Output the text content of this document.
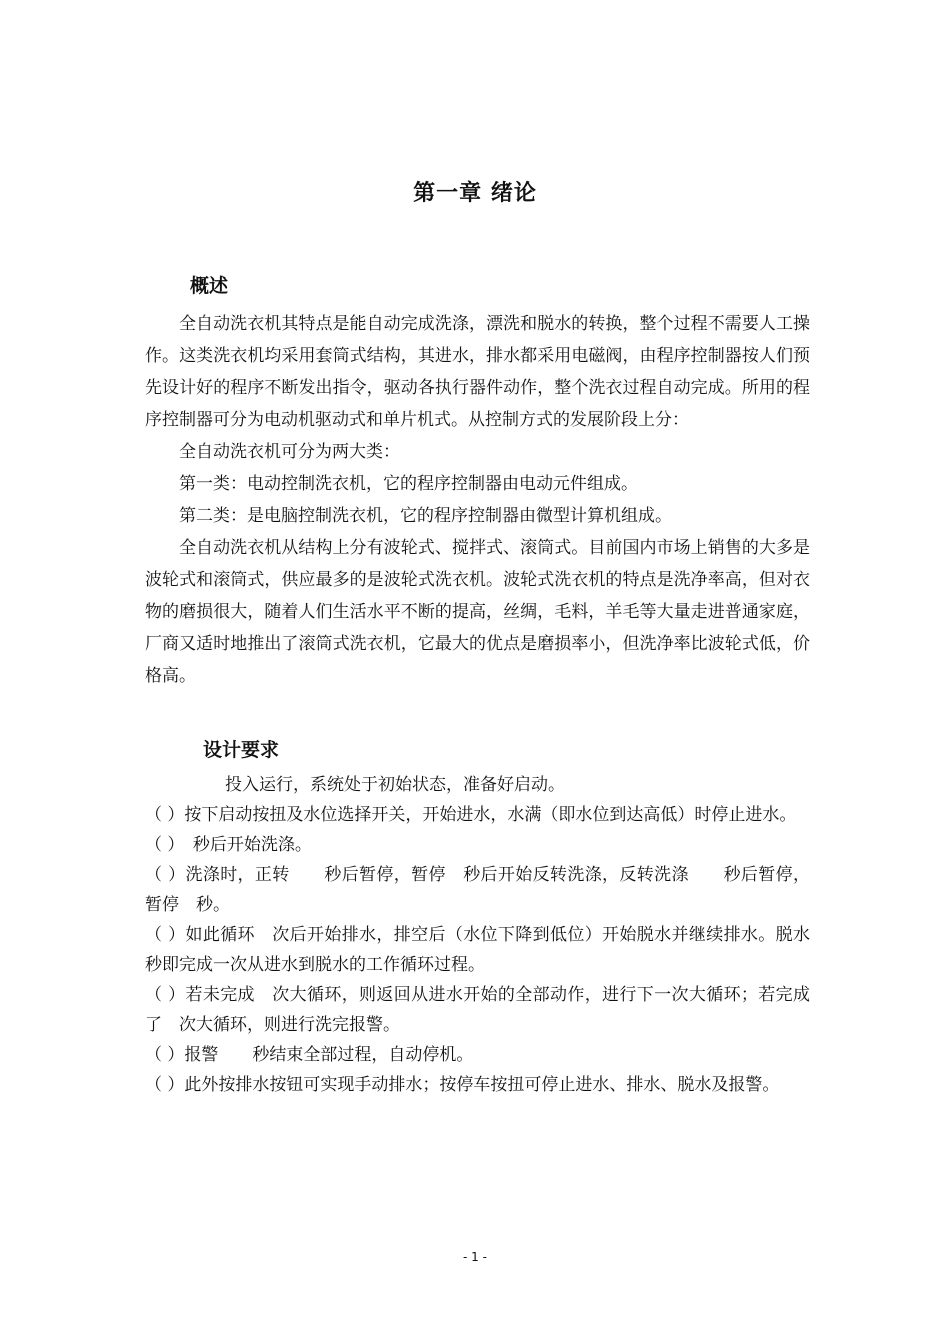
第一章 绪论
概述

全自动洗衣机其特点是能自动完成洗涤，漂洗和脱水的转换，整个过程不需要人工操作。这类洗衣机均采用套筒式结构，其进水，排水都采用电磁阀，由程序控制器按人们预先设计好的程序不断发出指令，驱动各执行器件动作，整个洗衣过程自动完成。所用的程序控制器可分为电动机驱动式和单片机式。从控制方式的发展阶段上分：

全自动洗衣机可分为两大类：

第一类：电动控制洗衣机，它的程序控制器由电动元件组成。

第二类：是电脑控制洗衣机，它的程序控制器由微型计算机组成。

全自动洗衣机从结构上分有波轮式、搅拌式、滚筒式。目前国内市场上销售的大多是波轮式和滚筒式，供应最多的是波轮式洗衣机。波轮式洗衣机的特点是洗净率高，但对衣物的磨损很大，随着人们生活水平不断的提高，丝绸，毛料，羊毛等大量走进普通家庭，厂商又适时地推出了滚筒式洗衣机，它最大的优点是磨损率小，但洗净率比波轮式低，价格高。

设计要求

投入运行，系统处于初始状态，准备好启动。

（ ）按下启动按扭及水位选择开关，开始进水，水满（即水位到达高低）时停止进水。

（ ）　秒后开始洗涤。

（ ）洗涤时，正转　　秒后暂停，暂停　秒后开始反转洗涤，反转洗涤　　秒后暂停，暂停　秒。

（ ）如此循环　次后开始排水，排空后（水位下降到低位）开始脱水并继续排水。脱水　　秒即完成一次从进水到脱水的工作循环过程。

（ ）若未完成　次大循环，则返回从进水开始的全部动作，进行下一次大循环；若完成了　次大循环，则进行洗完报警。

（ ）报警　　秒结束全部过程，自动停机。

（ ）此外按排水按钮可实现手动排水；按停车按扭可停止进水、排水、脱水及报警。

- 1 -
